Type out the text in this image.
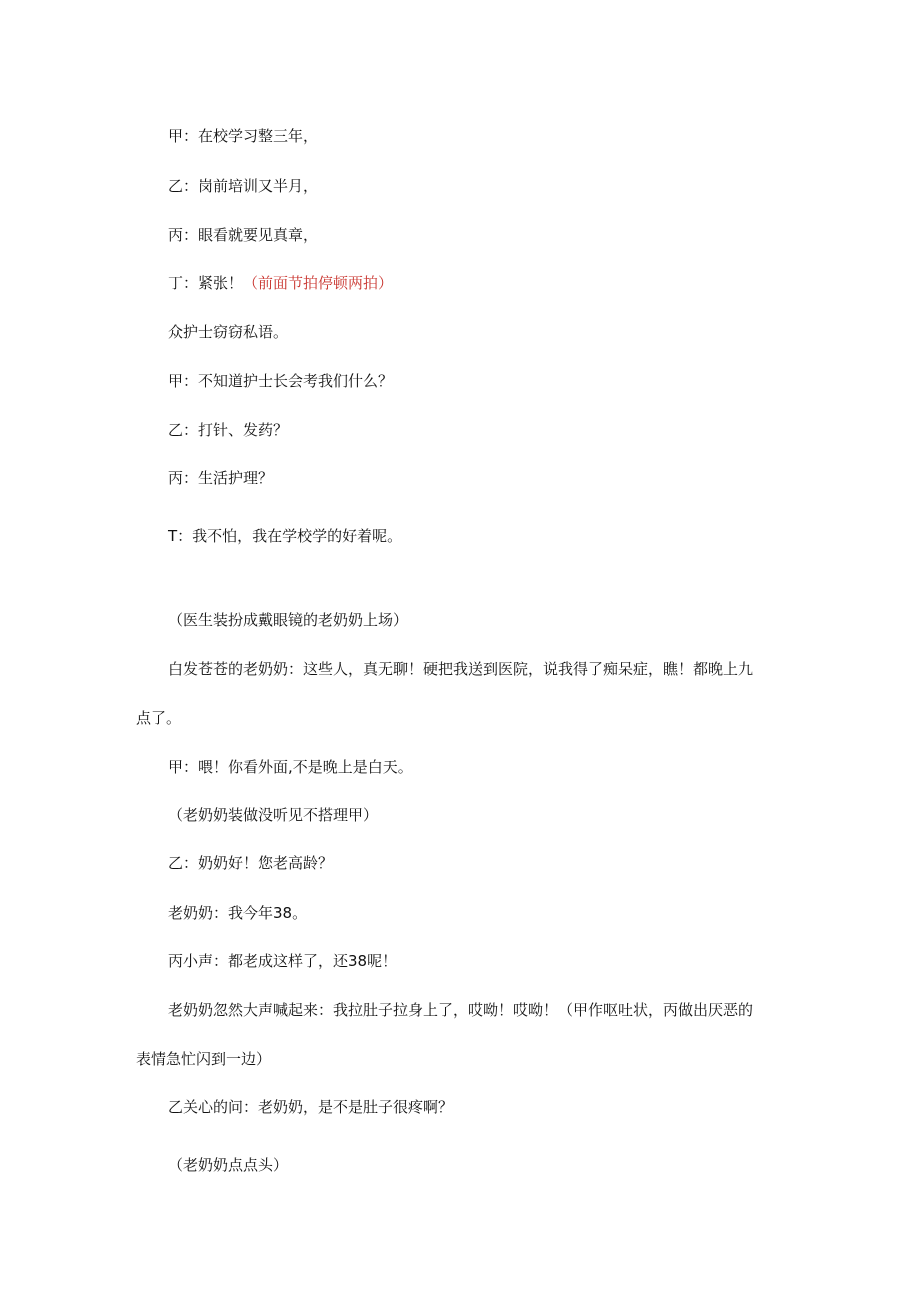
甲：在校学习整三年，
乙：岗前培训又半月，
丙：眼看就要见真章，
丁：紧张！（前面节拍停顿两拍）
众护士窃窃私语。
甲：不知道护士长会考我们什么？
乙：打针、发药？
丙：生活护理？
T：我不怕，我在学校学的好着呢。
（医生装扮成戴眼镜的老奶奶上场）
白发苍苍的老奶奶：这些人，真无聊！硬把我送到医院，说我得了痴呆症，瞧！都晚上九
点了。
甲：喂！你看外面,不是晚上是白天。
（老奶奶装做没听见不搭理甲）
乙：奶奶好！您老高龄？
老奶奶：我今年38。
丙小声：都老成这样了，还38呢！
老奶奶忽然大声喊起来：我拉肚子拉身上了，哎呦！哎呦！（甲作呕吐状，丙做出厌恶的
表情急忙闪到一边）
乙关心的问：老奶奶，是不是肚子很疼啊？
（老奶奶点点头）
